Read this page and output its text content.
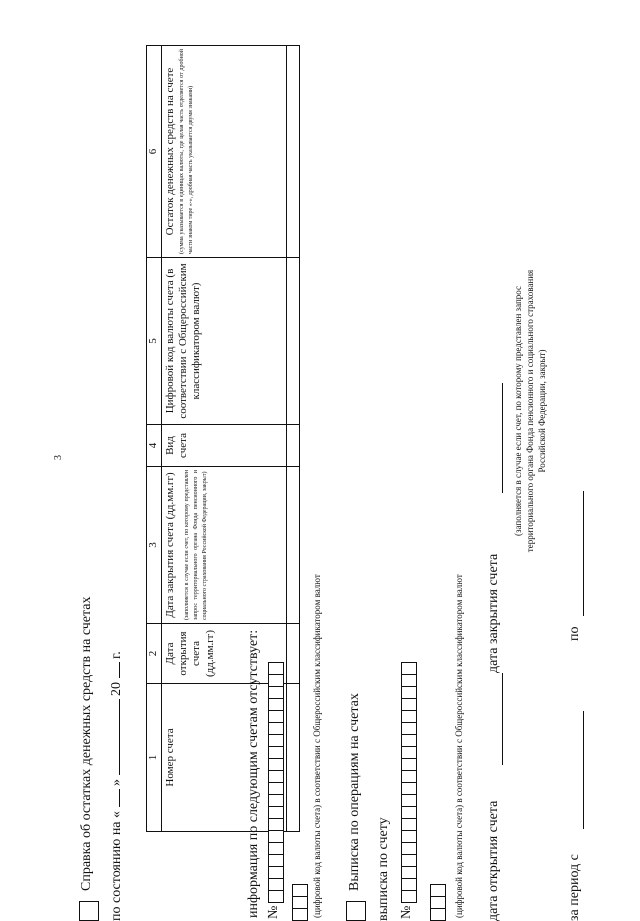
3
Справка об остатках денежных средств на счетах по состоянию на «  »  20  г.
1	2	3	4	5	6
Номер счета	Дата открытия счета (дд.мм.гг)	Дата закрытия счета (дд.мм.гг) (заполняется в случае если счет, по которому представлен запрос территориального органа Фонда пенсионного и социального страхования Российской Федерации, закрыт)	Вид счета	Цифровой код валюты счета (в соответствии с Общероссийским классификатором валют)	Остаток денежных средств на счете (сумма указывается в единицах валюты, где целая часть отделяется от дробной части знаком тире «-», дробная часть указывается двумя знаками)

информация по следующим счетам отсутствует: №	(цифровой код валюты счета) в соответствии с Общероссийским классификатором валют Выписка по операциям на счетах выписка по счету №	(цифровой код валюты счета) в соответствии с Общероссийским классификатором валют дата открытия счета
дата закрытия счета
(заполняется в случае если счет, по которому представлен запрос территориального органа Фонда пенсионного и социального страхования Российской Федерации, закрыт)
за период с
по
